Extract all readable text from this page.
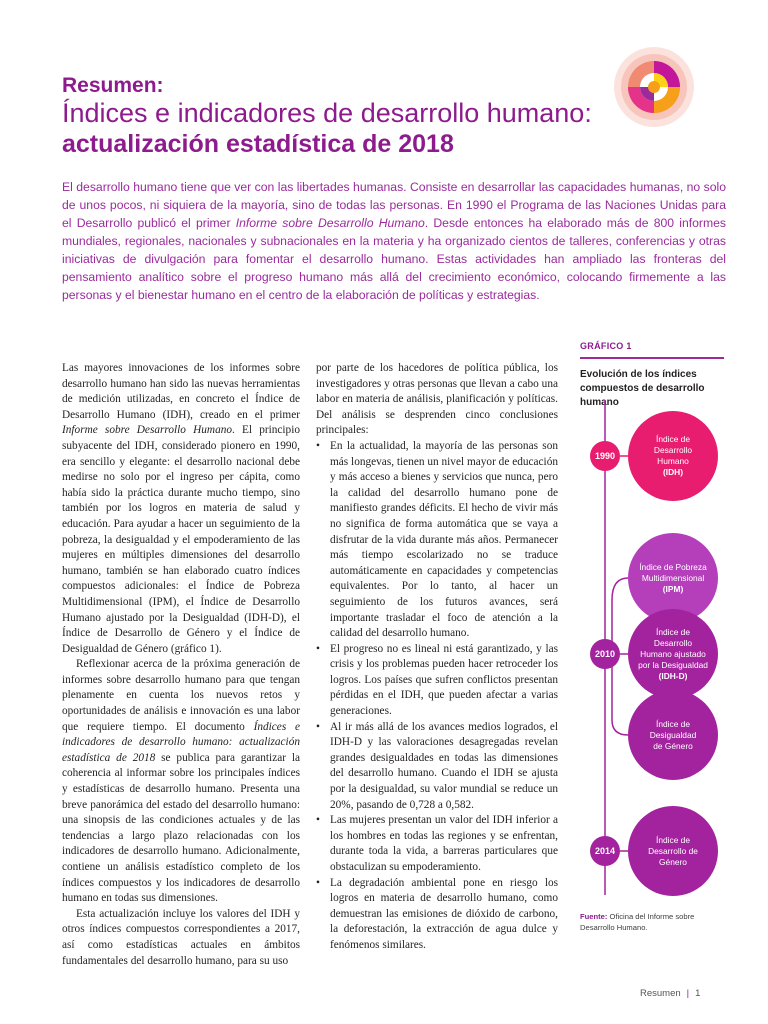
Resumen:
Índices e indicadores de desarrollo humano:
actualización estadística de 2018

El desarrollo humano tiene que ver con las libertades humanas. Consiste en desarrollar las capacidades humanas, no solo de unos pocos, ni siquiera de la mayoría, sino de todas las personas. En 1990 el Programa de las Naciones Unidas para el Desarrollo publicó el primer Informe sobre Desarrollo Humano. Desde entonces ha elaborado más de 800 informes mundiales, regionales, nacionales y subnacionales en la materia y ha organizado cientos de talleres, conferencias y otras iniciativas de divulgación para fomentar el desarrollo humano. Estas actividades han ampliado las fronteras del pensamiento analítico sobre el progreso humano más allá del crecimiento económico, colocando firmemente a las personas y el bienestar humano en el centro de la elaboración de políticas y estrategias.

Las mayores innovaciones de los informes sobre desarrollo humano han sido las nuevas herramientas de medición utilizadas, en concreto el Índice de Desarrollo Humano (IDH), creado en el primer Informe sobre Desarrollo Humano. El principio subyacente del IDH, considerado pionero en 1990, era sencillo y elegante: el desarrollo nacional debe medirse no solo por el ingreso per cápita, como había sido la práctica durante mucho tiempo, sino también por los logros en materia de salud y educación. Para ayudar a hacer un seguimiento de la pobreza, la desigualdad y el empoderamiento de las mujeres en múltiples dimensiones del desarrollo humano, también se han elaborado cuatro índices compuestos adicionales: el Índice de Pobreza Multidimensional (IPM), el Índice de Desarrollo Humano ajustado por la Desigualdad (IDH-D), el Índice de Desarrollo de Género y el Índice de Desigualdad de Género (gráfico 1).

Reflexionar acerca de la próxima generación de informes sobre desarrollo humano para que tengan plenamente en cuenta los nuevos retos y oportunidades de análisis e innovación es una labor que requiere tiempo. El documento Índices e indicadores de desarrollo humano: actualización estadística de 2018 se publica para garantizar la coherencia al informar sobre los principales índices y estadísticas de desarrollo humano. Presenta una breve panorámica del estado del desarrollo humano: una sinopsis de las condiciones actuales y de las tendencias a largo plazo relacionadas con los indicadores de desarrollo humano. Adicionalmente, contiene un análisis estadístico completo de los índices compuestos y los indicadores de desarrollo humano en todas sus dimensiones.

Esta actualización incluye los valores del IDH y otros índices compuestos correspondientes a 2017, así como estadísticas actuales en ámbitos fundamentales del desarrollo humano, para su uso

por parte de los hacedores de política pública, los investigadores y otras personas que llevan a cabo una labor en materia de análisis, planificación y políticas. Del análisis se desprenden cinco conclusiones principales:

• En la actualidad, la mayoría de las personas son más longevas, tienen un nivel mayor de educación y más acceso a bienes y servicios que nunca, pero la calidad del desarrollo humano pone de manifiesto grandes déficits. El hecho de vivir más no significa de forma automática que se vaya a disfrutar de la vida durante más años. Permanecer más tiempo escolarizado no se traduce automáticamente en capacidades y competencias equivalentes. Por lo tanto, al hacer un seguimiento de los futuros avances, será importante trasladar el foco de atención a la calidad del desarrollo humano.
• El progreso no es lineal ni está garantizado, y las crisis y los problemas pueden hacer retroceder los logros. Los países que sufren conflictos presentan pérdidas en el IDH, que pueden afectar a varias generaciones.
• Al ir más allá de los avances medios logrados, el IDH-D y las valoraciones desagregadas revelan grandes desigualdades en todas las dimensiones del desarrollo humano. Cuando el IDH se ajusta por la desigualdad, su valor mundial se reduce un 20%, pasando de 0,728 a 0,582.
• Las mujeres presentan un valor del IDH inferior a los hombres en todas las regiones y se enfrentan, durante toda la vida, a barreras particulares que obstaculizan su empoderamiento.
• La degradación ambiental pone en riesgo los logros en materia de desarrollo humano, como demuestran las emisiones de dióxido de carbono, la deforestación, la extracción de agua dulce y fenómenos similares.
GRÁFICO 1
Evolución de los índices compuestos de desarrollo humano
1990
2010
2014
Índice de Desarrollo Humano
(IDH)
Índice de Pobreza Multidimensional
(IPM)
Índice de Desarrollo Humano ajustado por la Desigualdad
(IDH-D)
Índice de Desigualdad de Género
Índice de Desarrollo de Género
Fuente: Oficina del Informe sobre Desarrollo Humano.
Resumen | 1
